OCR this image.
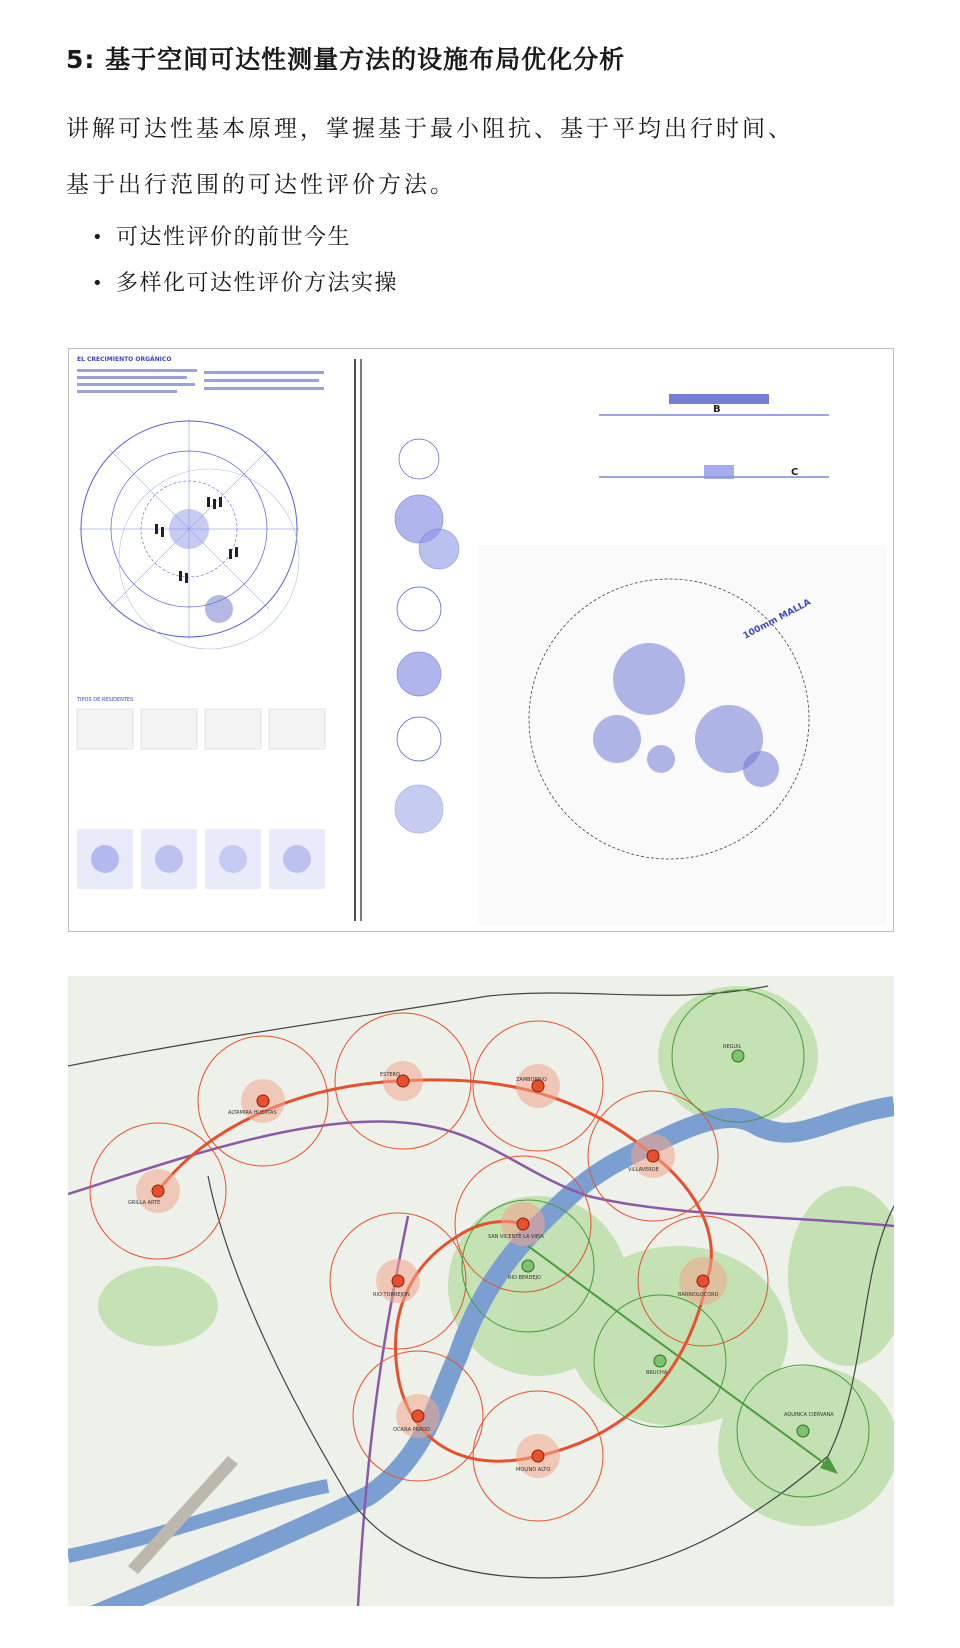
5: 基于空间可达性测量方法的设施布局优化分析
讲解可达性基本原理，掌握基于最小阻抗、基于平均出行时间、
基于出行范围的可达性评价方法。
• 可达性评价的前世今生
• 多样化可达性评价方法实操
EL CRECIMIENTO ORGÁNICO
TIPOS DE RESIDENTES
B
C
100mm MALLA
GRILLA ARTE
ALTAMIRA HUERTAS
ESTERO
ZAMBORRIO
VILLAVERDE
SAN VICENTE LA VIEJA
BARRIOLOCORO
RIO TORREJON
OCAÑA PRADO
MOLINO ALTO
REGUIL
RIO BERDEJO
BRUCHA
AQUINCA CIERVANA
